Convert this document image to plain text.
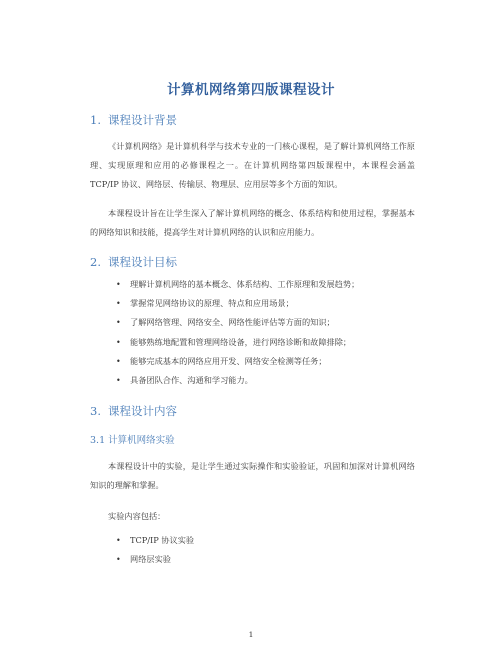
计算机网络第四版课程设计
1. 课程设计背景

《计算机网络》是计算机科学与技术专业的一门核心课程，是了解计算机网络工作原理、实现原理和应用的必修课程之一。在计算机网络第四版课程中，本课程会涵盖 TCP/IP 协议、网络层、传输层、物理层、应用层等多个方面的知识。

本课程设计旨在让学生深入了解计算机网络的概念、体系结构和使用过程，掌握基本的网络知识和技能，提高学生对计算机网络的认识和应用能力。

2. 课程设计目标
• 理解计算机网络的基本概念、体系结构、工作原理和发展趋势；
• 掌握常见网络协议的原理、特点和应用场景；
• 了解网络管理、网络安全、网络性能评估等方面的知识；
• 能够熟练地配置和管理网络设备，进行网络诊断和故障排除；
• 能够完成基本的网络应用开发、网络安全检测等任务；
• 具备团队合作、沟通和学习能力。
3. 课程设计内容
3.1 计算机网络实验

本课程设计中的实验，是让学生通过实际操作和实验验证，巩固和加深对计算机网络知识的理解和掌握。

实验内容包括：

• TCP/IP 协议实验
• 网络层实验
1
